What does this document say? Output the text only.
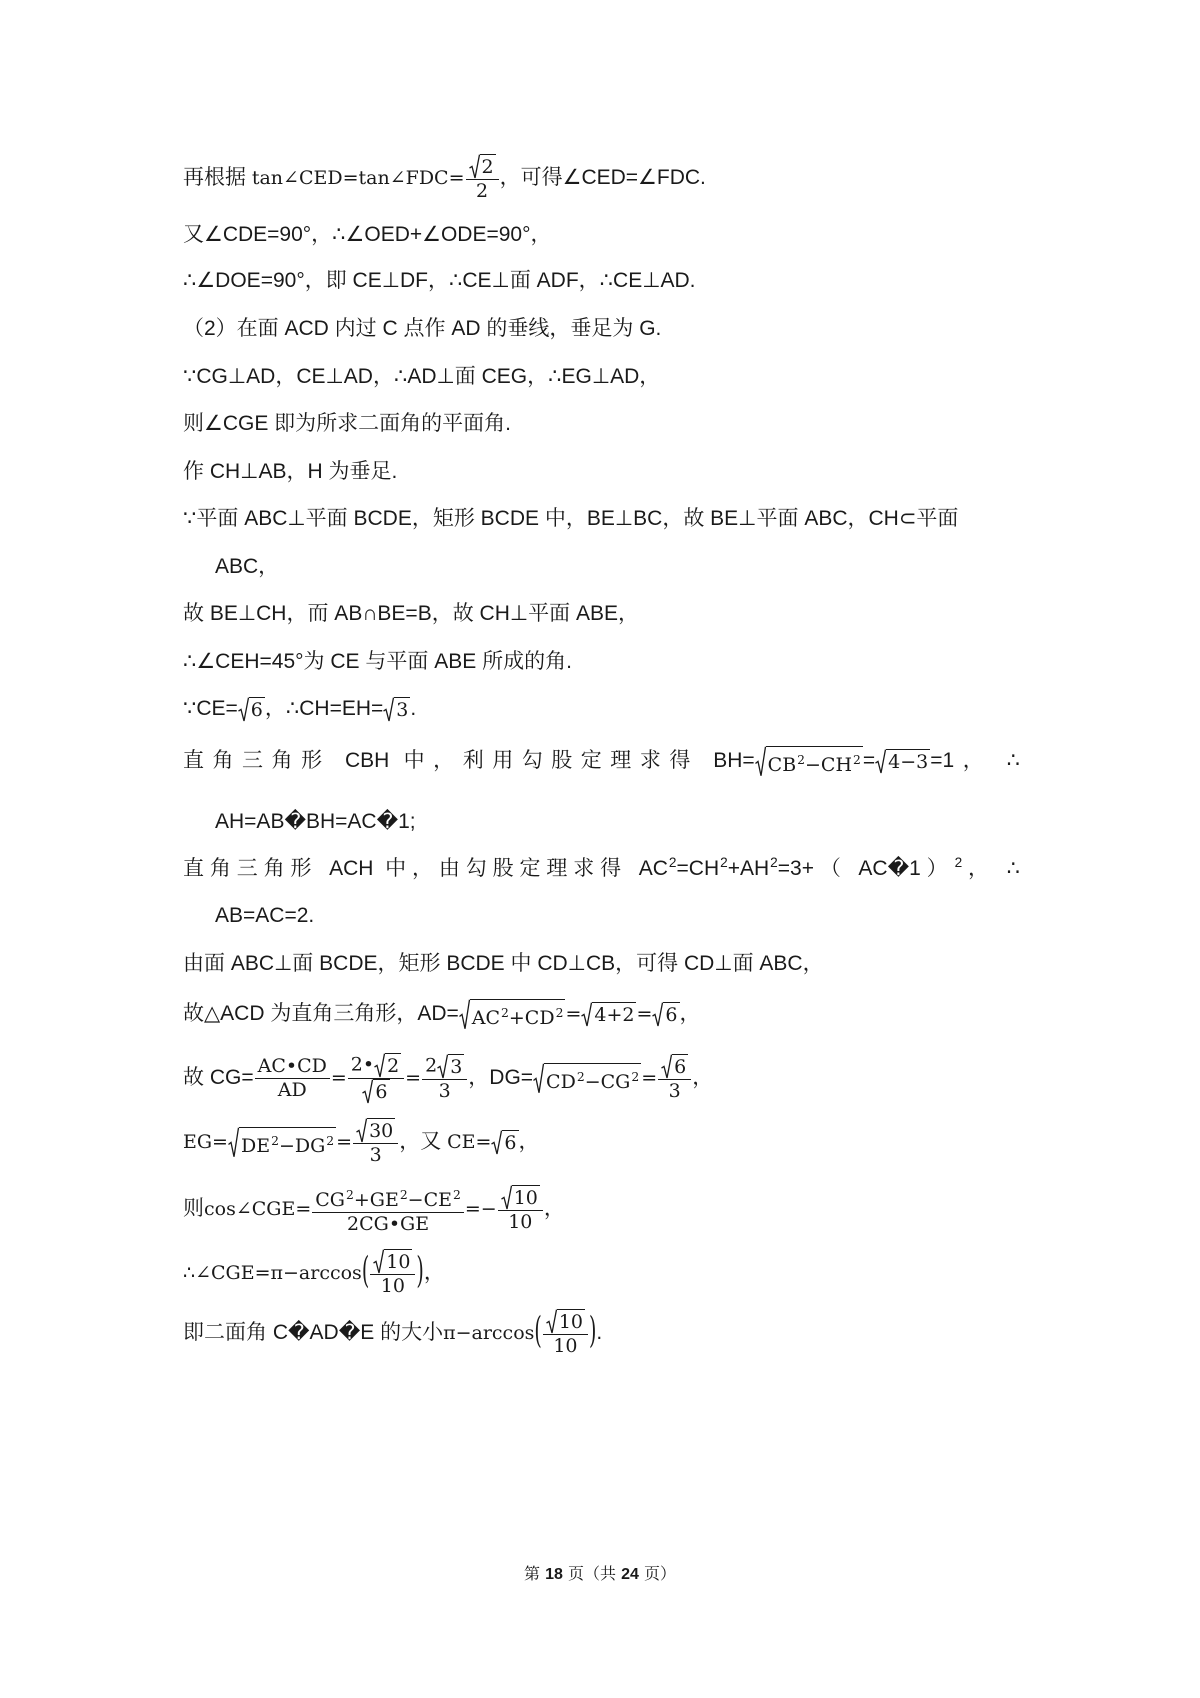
再根据 tan∠CED=tan∠FDC= $\frac{2}{2}$ ，可得∠CED=∠FDC.
又∠CDE=90°，∴∠OED+∠ODE=90°，
∴∠DOE=90°，即 CE⊥DF，∴CE⊥面 ADF，∴CE⊥AD.
（2）在面 ACD 内过 C 点作 AD 的垂线，垂足为 G.
∵CG⊥AD，CE⊥AD，∴AD⊥面 CEG，∴EG⊥AD，
则∠CGE 即为所求二面角的平面角.
作 CH⊥AB，H 为垂足.
∵平面 ABC⊥平面 BCDE，矩形 BCDE 中，BE⊥BC，故 BE⊥平面 ABC，CH⊂平面
ABC，
故 BE⊥CH，而 AB∩BE=B，故 CH⊥平面 ABE，
∴∠CEH=45°为 CE 与平面 ABE 所成的角.
∵CE= 6 ，∴CH=EH= 3 .
直角三角形 CBH 中，利用勾股定理求得 $BH= CB^2-CH^2 = 4-3 =1$， ∴
AH=AB�BH=AC�1;
直角三角形 ACH 中，由勾股定理求得 $AC^2=CH^2+AH^2=3+$（ AC�1）$^2$， ∴
AB=AC=2.
由面 ABC⊥面 BCDE，矩形 BCDE 中 CD⊥CB，可得 CD⊥面 ABC，
故△ACD 为直角三角形，$AD= AC^2+CD^2 = 4+2 = 6$ ，
故 $CG= \frac{AC•CD}{AD} = \frac{2• 2}{6} = \frac{2 3}{3}$ ，$DG= CD^2-CG^2 = \frac{6}{3}$ ，
$EG= DE^2-DG^2 = \frac{30}{3}$ ，又 CE= 6 ，
则cos∠CGE= $\frac{CG^2+GE^2-CE^2}{2CG•GE} =- \frac{10}{10}$ ，
∴∠CGE=π−arccos( $\frac{10}{10}$ )，
即二面角 C�AD�E 的大小$\pi-\arccos( \frac{10}{10}$ ).
第 18 页（共 24 页）
